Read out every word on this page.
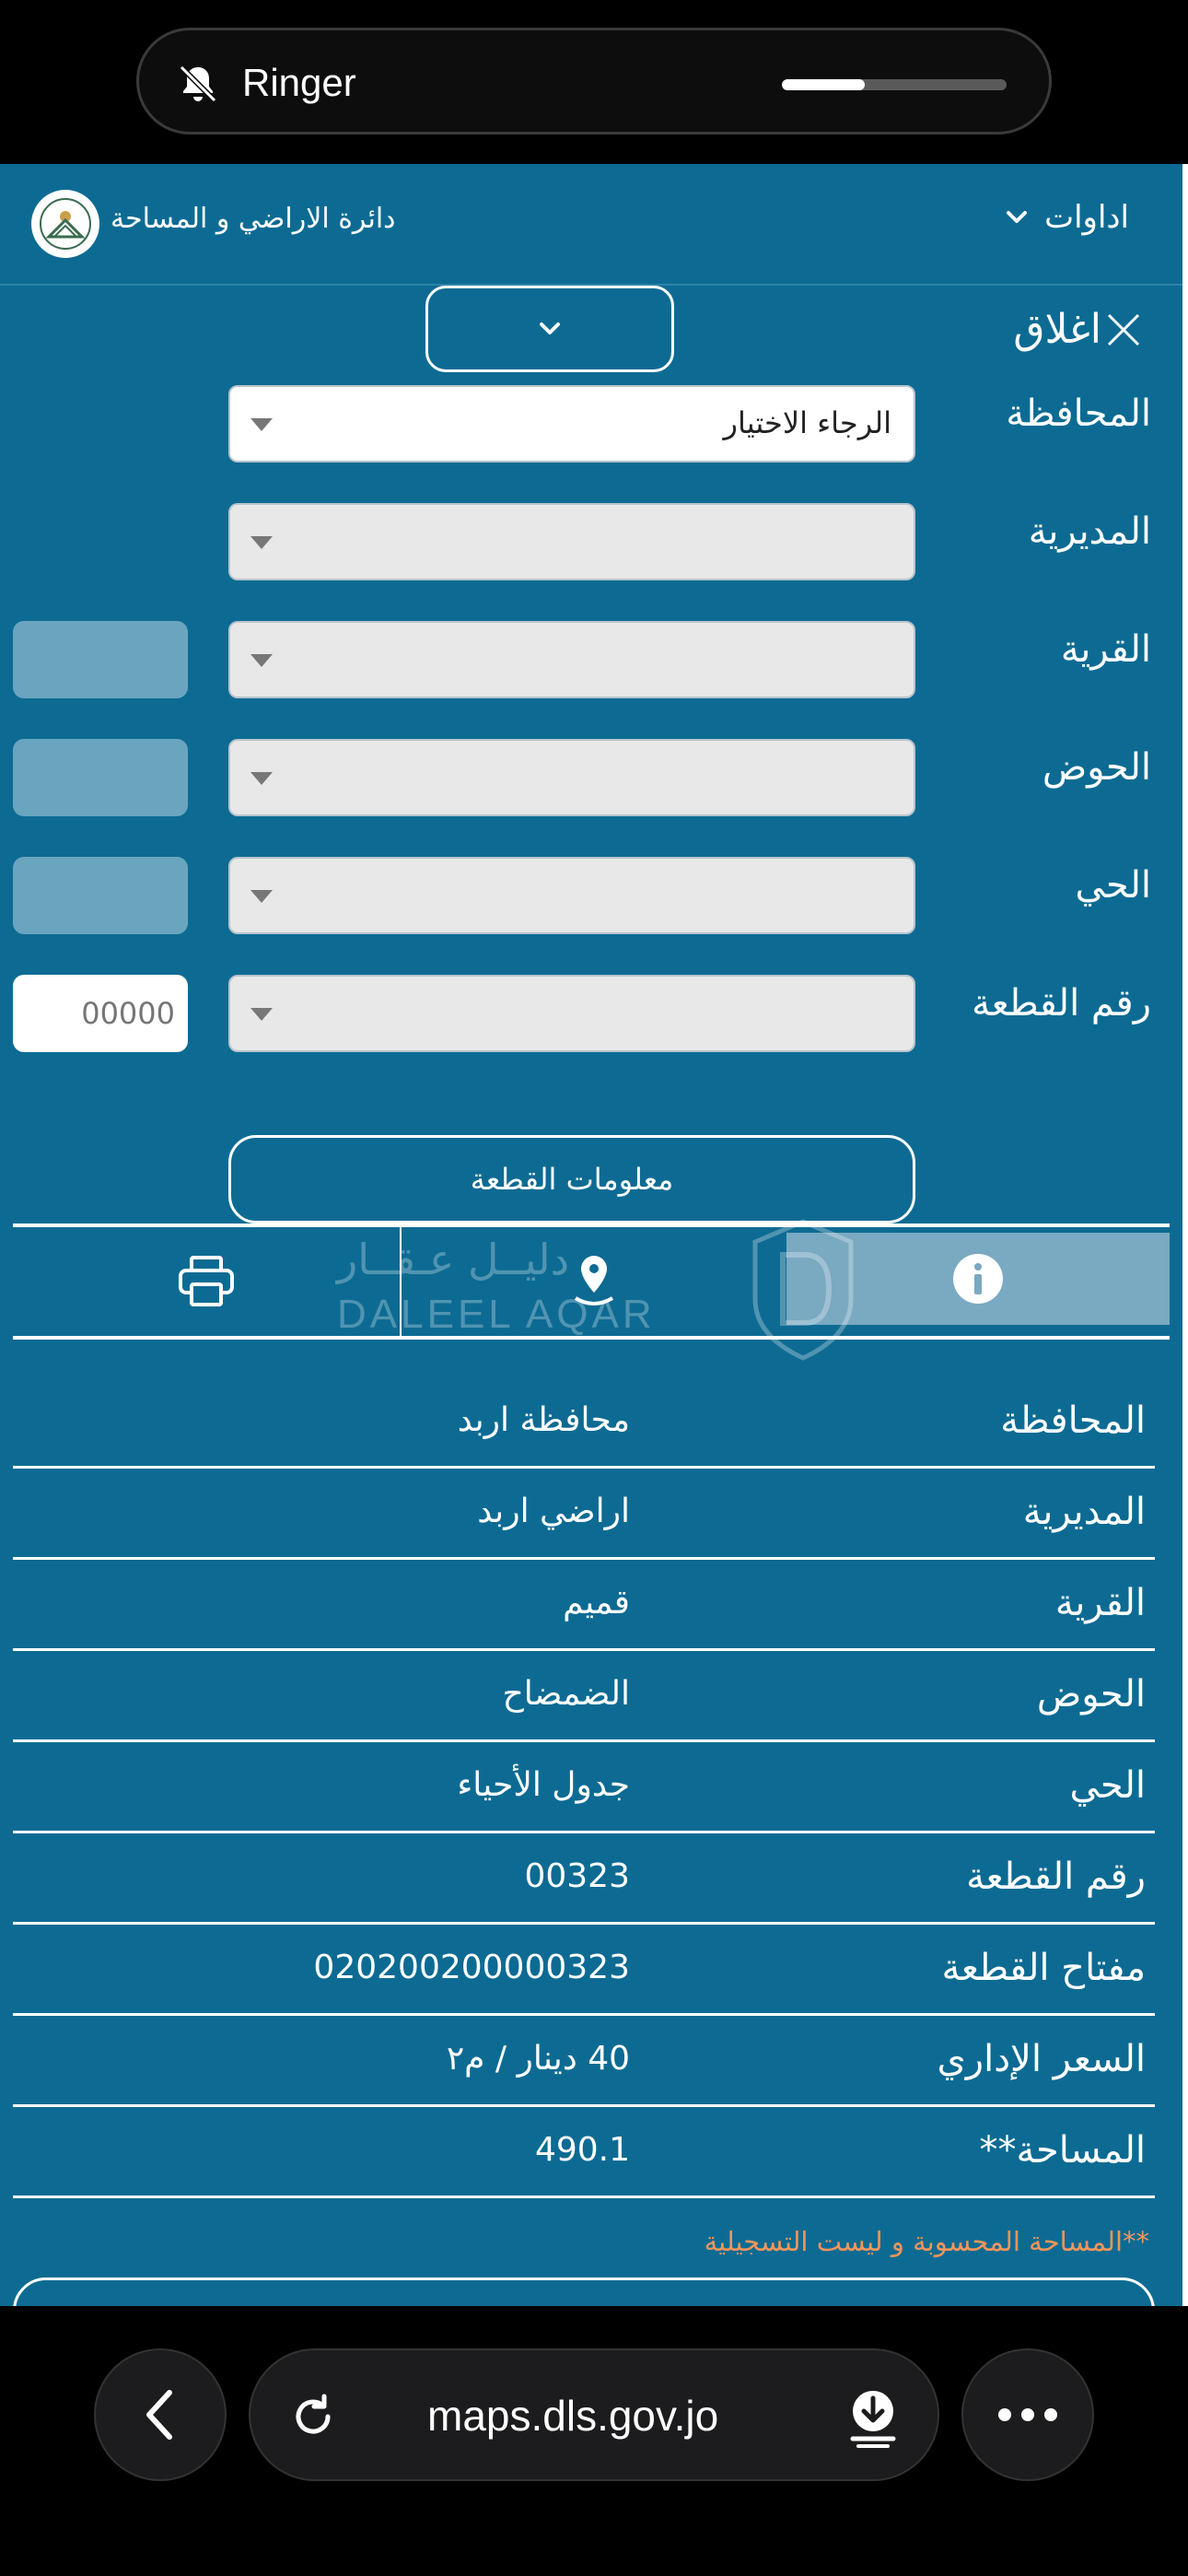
Ringer
دائرة الاراضي و المساحة	اداوات
اغلاق
المحافظة
الرجاء الاختيار
المديرية
القرية
الحوض
الحي
رقم القطعة
00000
معلومات القطعة
دليــل عـقــار
DALEEL AQAR
المحافظة
محافظة اربد
المديرية
اراضي اربد
القرية
قميم
الحوض
الضمضاح
الحي
جدول الأحياء
رقم القطعة
00323
مفتاح القطعة
020200200000323
السعر الإداري
40 دينار / م٢
المساحة**
490.1
**المساحة المحسوبة و ليست التسجيلية
maps.dls.gov.jo
